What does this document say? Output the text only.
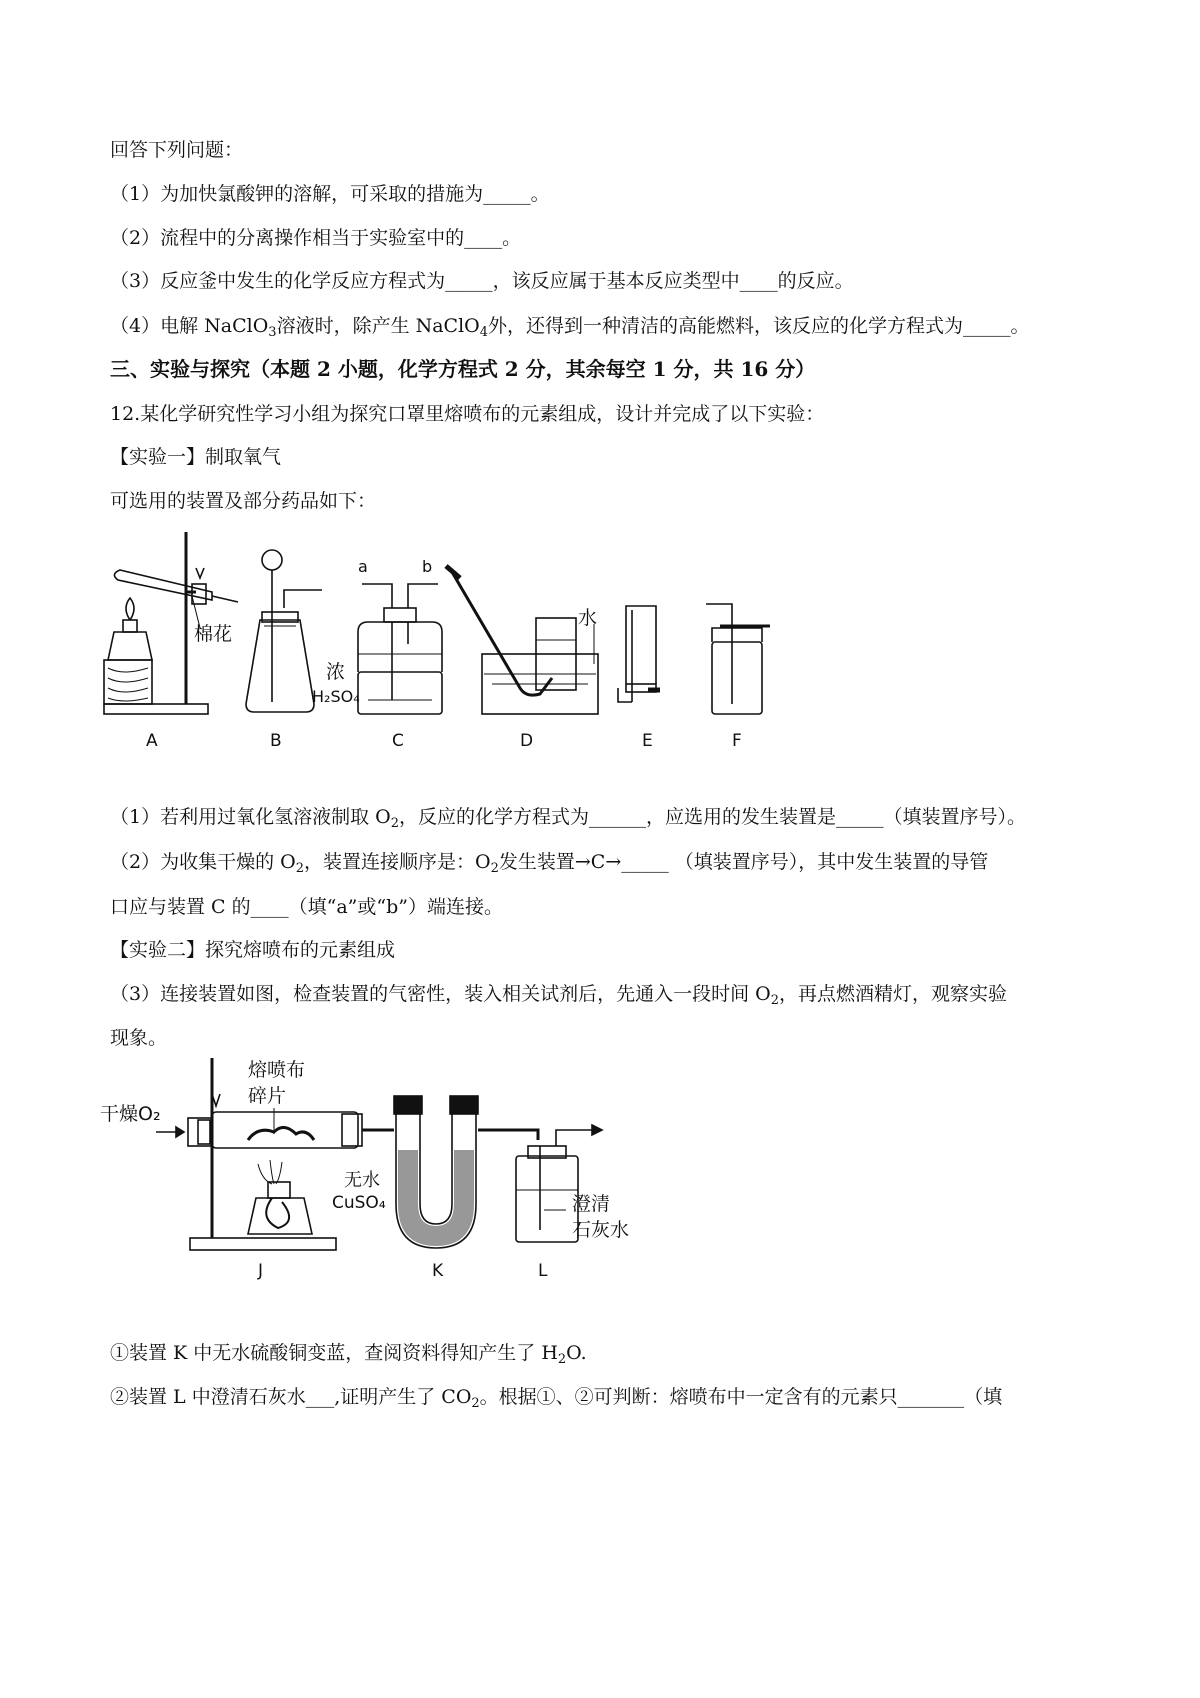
回答下列问题：
（1）为加快氯酸钾的溶解，可采取的措施为_____。
（2）流程中的分离操作相当于实验室中的____。
（3）反应釜中发生的化学反应方程式为_____，该反应属于基本反应类型中____的反应。
（4）电解 NaClO$_3$溶液时，除产生 NaClO$_4$外，还得到一种清洁的高能燃料，该反应的化学方程式为_____。
三、实验与探究（本题 2 小题，化学方程式 2 分，其余每空 1 分，共 16 分）
12.某化学研究性学习小组为探究口罩里熔喷布的元素组成，设计并完成了以下实验：
【实验一】制取氧气
可选用的装置及部分药品如下：
棉花
a	b
浓
H₂SO₄
水
A	B	C	D	E	F
（1）若利用过氧化氢溶液制取 $O_2$，反应的化学方程式为______，应选用的发生装置是_____（填装置序号）。
（2）为收集干燥的 $O_2$，装置连接顺序是：$O_2$发生装置→C→_____ （填装置序号），其中发生装置的导管
口应与装置 C 的____（填“a”或“b”）端连接。
【实验二】探究熔喷布的元素组成
（3）连接装置如图，检查装置的气密性，装入相关试剂后，先通入一段时间 $O_2$，再点燃酒精灯，观察实验
现象。
干燥O₂
熔喷布
碎片
无水
CuSO₄	澄清
石灰水
J	K	L
①装置 K 中无水硫酸铜变蓝，查阅资料得知产生了 $H_2O$.
②装置 L 中澄清石灰水___,证明产生了 $CO_2$。根据①、②可判断：熔喷布中一定含有的元素只_______（填
